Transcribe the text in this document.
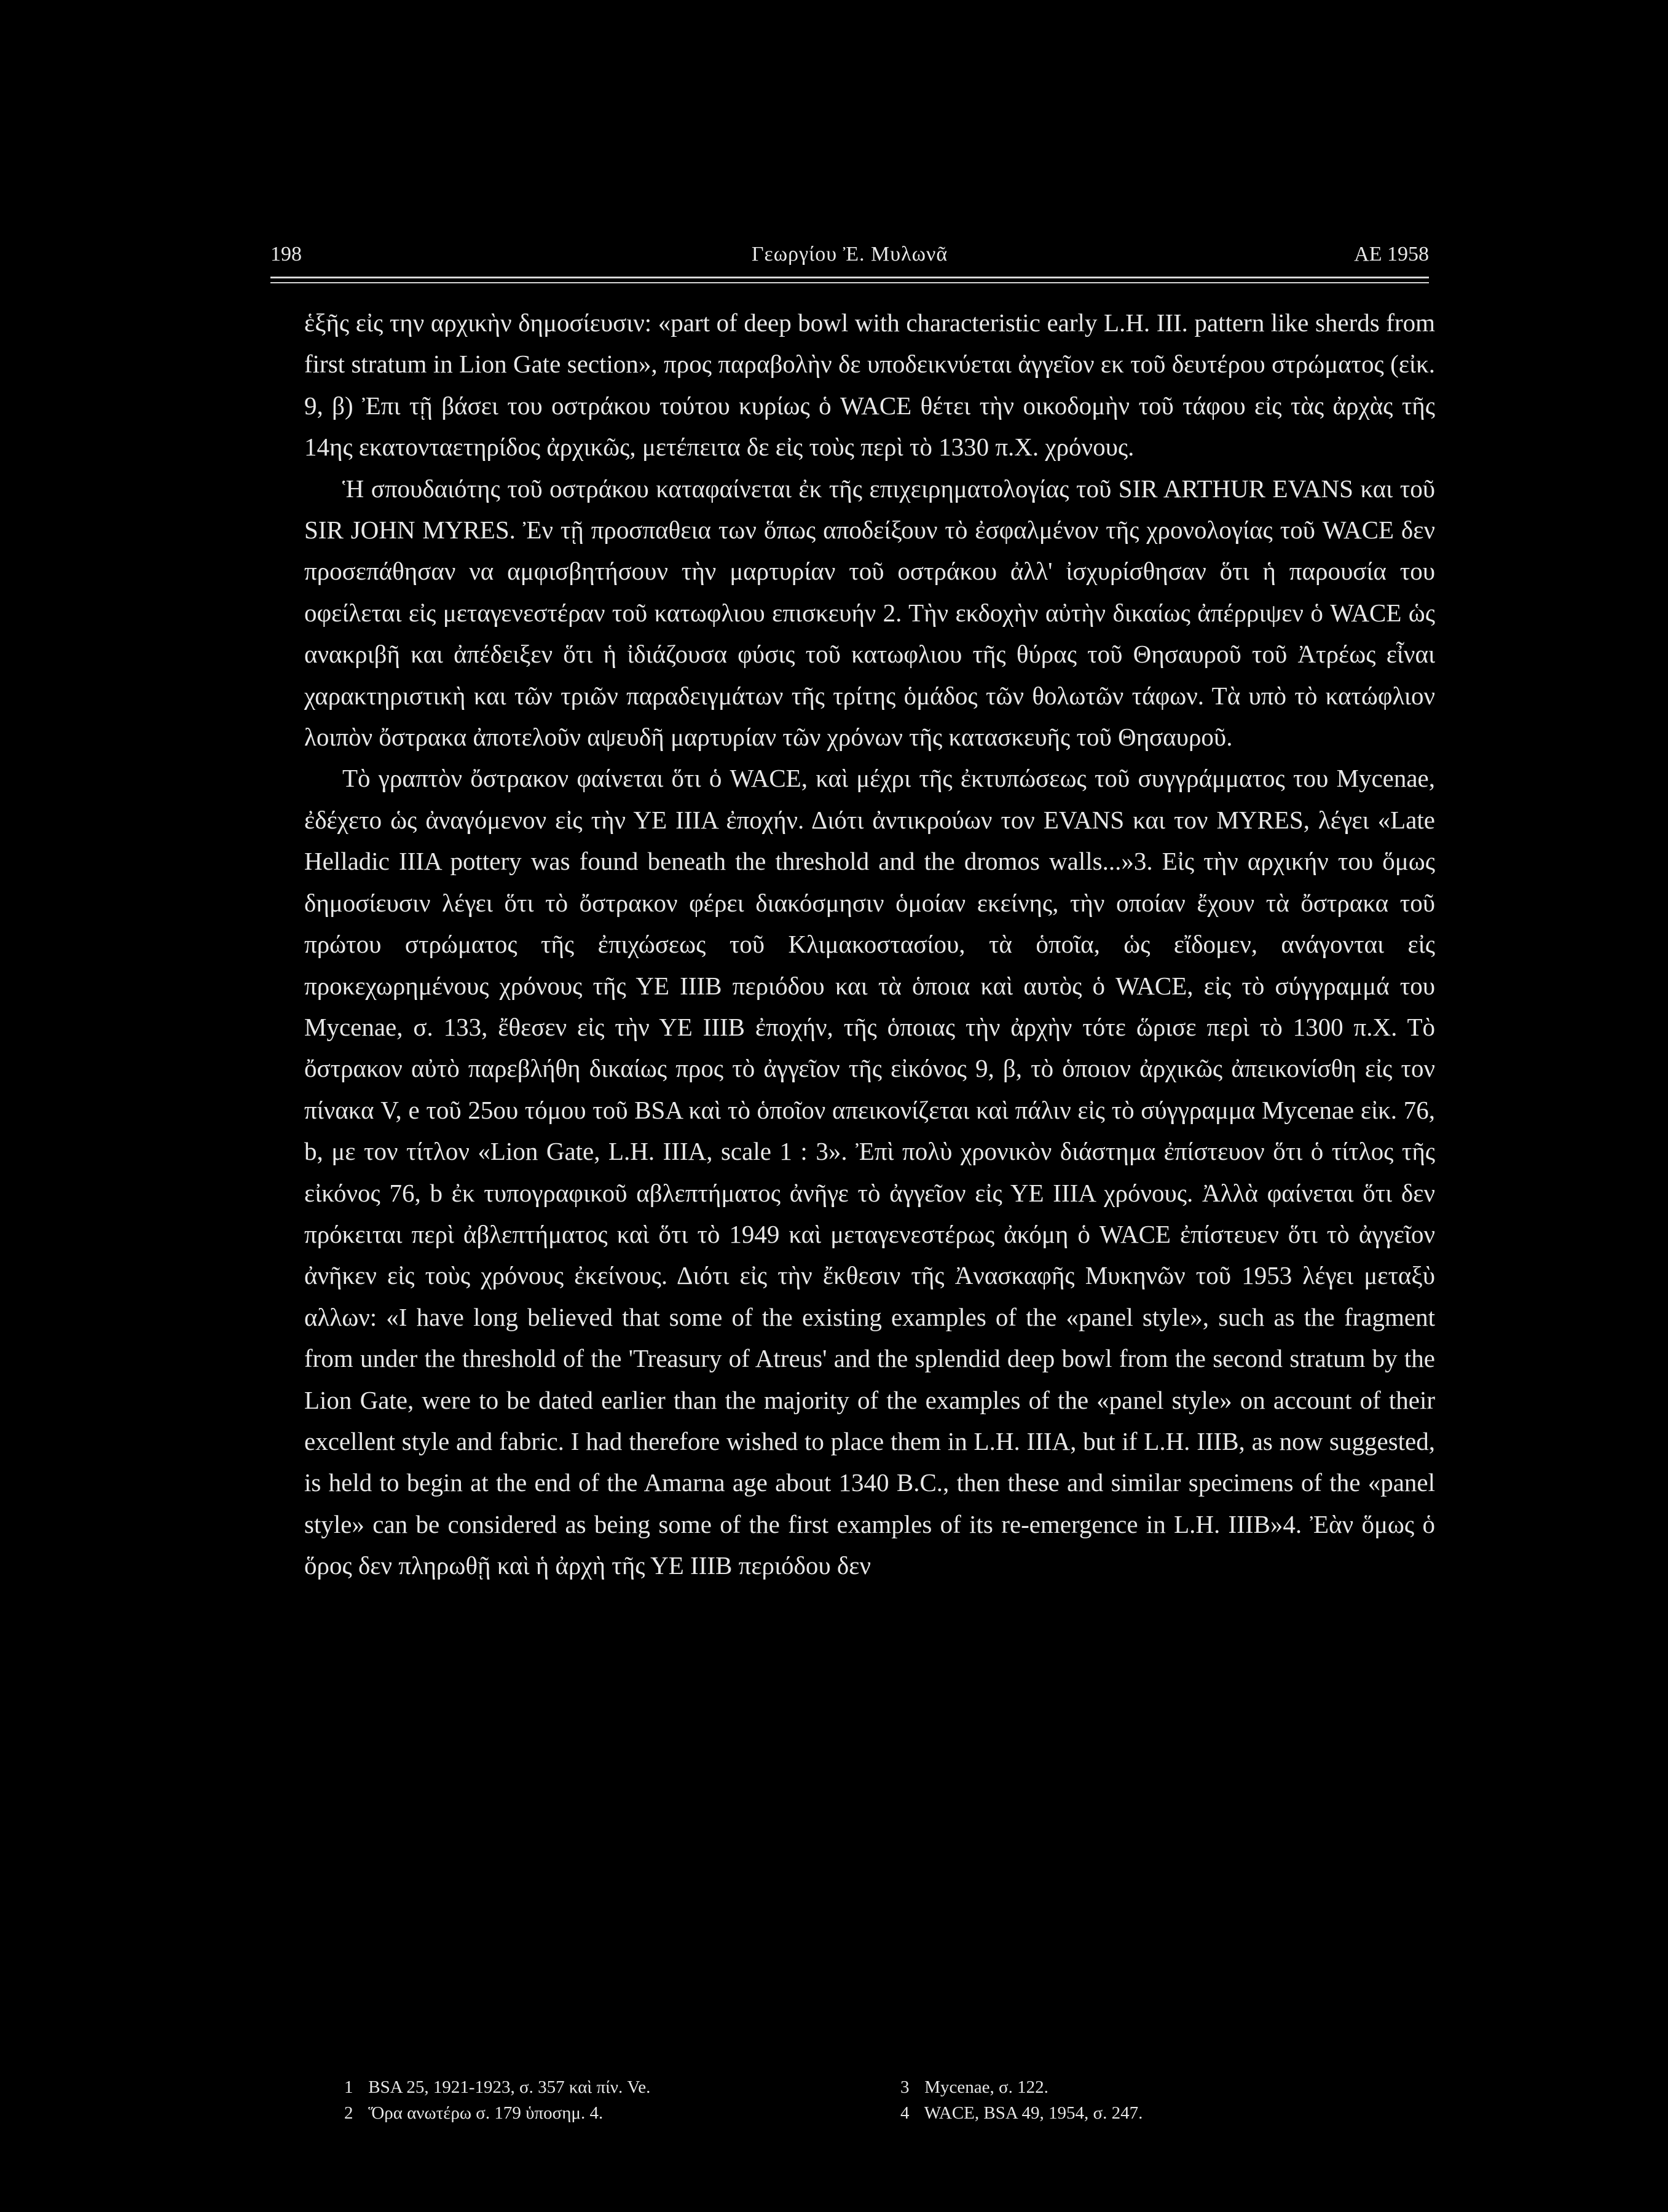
198	Γεωργίου Ἐ. Μυλωνᾶ	ΑΕ 1958

ἑξῆς εἰς την αρχικὴν δημοσίευσιν: «part of deep bowl with characteristic early L.H. III. pattern like sherds from first stratum in Lion Gate section», προς παραβολὴν δε υποδεικνύεται ἀγγεῖον εκ τοῦ δευτέρου στρώματος (εἰκ. 9, β) Ἐπι τῇ βάσει του οστράκου τούτου κυρίως ὁ WACE θέτει τὴν οικοδομὴν τοῦ τάφου εἰς τὰς ἀρχὰς τῆς 14ης εκατονταετηρίδος ἀρχικῶς, μετέπειτα δε εἰς τοὺς περὶ τὸ 1330 π.Χ. χρόνους.

Ἡ σπουδαιότης τοῦ οστράκου καταφαίνεται ἐκ τῆς επιχειρηματολογίας τοῦ SIR ARTHUR EVANS και τοῦ SIR JOHN MYRES. Ἐν τῇ προσπαθεια των ὅπως αποδείξουν τὸ ἐσφαλμένον τῆς χρονολογίας τοῦ WACE δεν προσεπάθησαν να αμφισβητήσουν τὴν μαρτυρίαν τοῦ οστράκου ἀλλ' ἰσχυρίσθησαν ὅτι ἡ παρουσία του οφείλεται εἰς μεταγενεστέραν τοῦ κατωφλιου επισκευήν 2. Τὴν εκδοχὴν αὐτὴν δικαίως ἀπέρριψεν ὁ WACE ὡς ανακριβῆ και ἀπέδειξεν ὅτι ἡ ἰδιάζουσα φύσις τοῦ κατωφλιου τῆς θύρας τοῦ Θησαυροῦ τοῦ Ἀτρέως εἶναι χαρακτηριστικὴ και τῶν τριῶν παραδειγμάτων τῆς τρίτης ὁμάδος τῶν θολωτῶν τάφων. Τὰ υπὸ τὸ κατώφλιον λοιπὸν ὄστρακα ἀποτελοῦν αψευδῆ μαρτυρίαν τῶν χρόνων τῆς κατασκευῆς τοῦ Θησαυροῦ.

Τὸ γραπτὸν ὄστρακον φαίνεται ὅτι ὁ WACE, καὶ μέχρι τῆς ἐκτυπώσεως τοῦ συγγράμματος του Mycenae, ἐδέχετο ὡς ἀναγόμενον εἰς τὴν ΥΕ ΙΙΙΑ ἐποχήν. Διότι ἀντικρούων τον EVANS και τον MYRES, λέγει «Late Helladic IIIA pottery was found beneath the threshold and the dromos walls...»3. Εἰς τὴν αρχικήν του ὅμως δημοσίευσιν λέγει ὅτι τὸ ὄστρακον φέρει διακόσμησιν ὁμοίαν εκείνης, τὴν οποίαν ἔχουν τὰ ὄστρακα τοῦ πρώτου στρώματος τῆς ἐπιχώσεως τοῦ Κλιμακοστασίου, τὰ ὁποῖα, ὡς εἴδομεν, ανάγονται εἰς προκεχωρημένους χρόνους τῆς ΥΕ ΙΙΙΒ περιόδου και τὰ ὁποια καὶ αυτὸς ὁ WACE, εἰς τὸ σύγγραμμά του Mycenae, σ. 133, ἔθεσεν εἰς τὴν ΥΕ ΙΙΙΒ ἐποχήν, τῆς ὁποιας τὴν ἀρχὴν τότε ὥρισε περὶ τὸ 1300 π.Χ. Τὸ ὄστρακον αὐτὸ παρεβλήθη δικαίως προς τὸ ἀγγεῖον τῆς εἰκόνος 9, β, τὸ ὁποιον ἀρχικῶς ἀπεικονίσθη εἰς τον πίνακα V, e τοῦ 25ου τόμου τοῦ BSA καὶ τὸ ὁποῖον απεικονίζεται καὶ πάλιν εἰς τὸ σύγγραμμα Mycenae εἰκ. 76, b, με τον τίτλον «Lion Gate, L.H. IIIA, scale 1 : 3». Ἐπὶ πολὺ χρονικὸν διάστημα ἐπίστευον ὅτι ὁ τίτλος τῆς εἰκόνος 76, b ἐκ τυπογραφικοῦ αβλεπτήματος ἀνῆγε τὸ ἀγγεῖον εἰς ΥΕ ΙΙΙΑ χρόνους. Ἀλλὰ φαίνεται ὅτι δεν πρόκειται περὶ ἀβλεπτήματος καὶ ὅτι τὸ 1949 καὶ μεταγενεστέρως ἀκόμη ὁ WACE ἐπίστευεν ὅτι τὸ ἀγγεῖον ἀνῆκεν εἰς τοὺς χρόνους ἐκείνους. Διότι εἰς τὴν ἔκθεσιν τῆς Ἀνασκαφῆς Μυκηνῶν τοῦ 1953 λέγει μεταξὺ αλλων: «I have long believed that some of the existing examples of the «panel style», such as the fragment from under the threshold of the 'Treasury of Atreus' and the splendid deep bowl from the second stratum by the Lion Gate, were to be dated earlier than the majority of the examples of the «panel style» on account of their excellent style and fabric. I had therefore wished to place them in L.H. IIIA, but if L.H. IIIB, as now suggested, is held to begin at the end of the Amarna age about 1340 B.C., then these and similar specimens of the «panel style» can be considered as being some of the first examples of its re-emergence in L.H. IIIB»4. Ἐὰν ὅμως ὁ ὅρος δεν πληρωθῇ καὶ ἡ ἀρχὴ τῆς ΥΕ ΙΙΙΒ περιόδου δεν

1 BSA 25, 1921-1923, σ. 357 καὶ πίν. Ve.
2 Ὅρα ανωτέρω σ. 179 ὑποσημ. 4.
3 Mycenae, σ. 122.
4 WACE, BSA 49, 1954, σ. 247.
